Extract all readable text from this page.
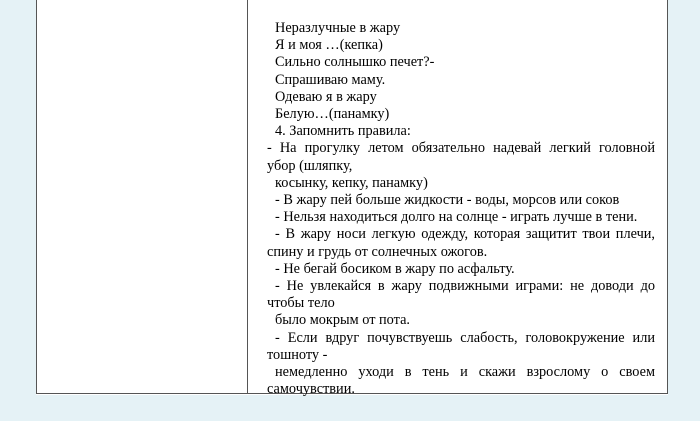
Неразлучные в жару
Я и моя …(кепка)
Сильно солнышко печет?-
Спрашиваю маму.
Одеваю я в жару
Белую…(панамку)
4. Запомнить правила:
- На прогулку летом обязательно надевай легкий головной
убор (шляпку,
косынку, кепку, панамку)
- В жару пей больше жидкости - воды, морсов или соков
- Нельзя находиться долго на солнце - играть лучше в тени.
- В жару носи легкую одежду, которая защитит твои плечи,
спину и грудь от солнечных ожогов.
- Не бегай босиком в жару по асфальту.
- Не увлекайся в жару подвижными играми: не доводи до
чтобы тело
было мокрым от пота.
- Если вдруг почувствуешь слабость, головокружение или
тошноту -
немедленно уходи в тень и скажи взрослому о своем
самочувствии.
